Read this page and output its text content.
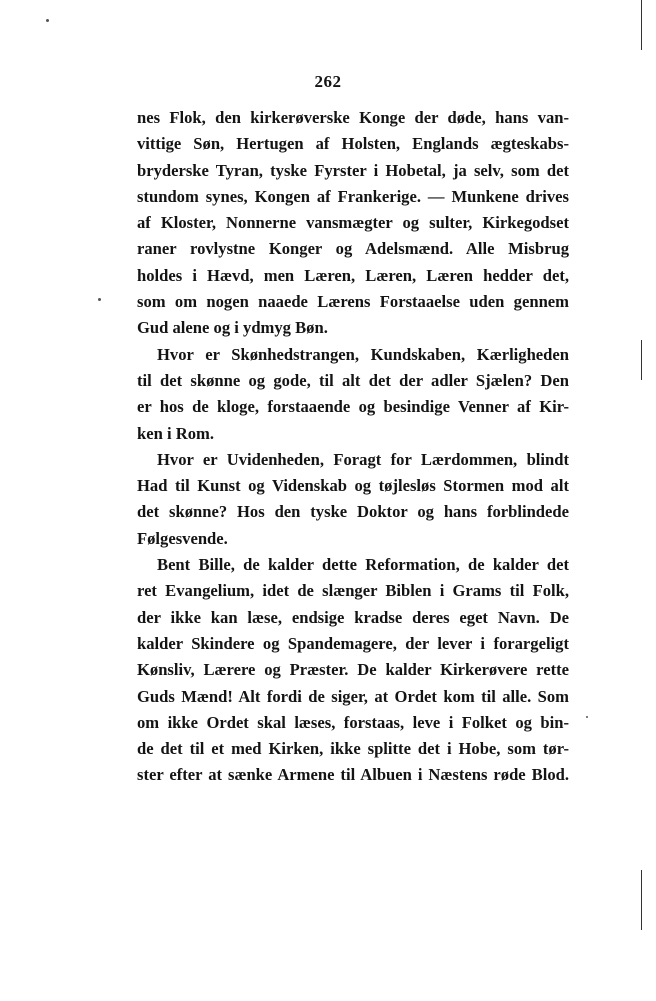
262
nes Flok, den kirkerøverske Konge der døde, hans van-
vittige Søn, Hertugen af Holsten, Englands ægteskabs-
bryderske Tyran, tyske Fyrster i Hobetal, ja selv, som det
stundom synes, Kongen af Frankerige. — Munkene drives
af Kloster, Nonnerne vansmægter og sulter, Kirkegodset
raner rovlystne Konger og Adelsmænd. Alle Misbrug
holdes i Hævd, men Læren, Læren, Læren hedder det,
som om nogen naaede Lærens Forstaaelse uden gennem
Gud alene og i ydmyg Bøn.
Hvor er Skønhedstrangen, Kundskaben, Kærligheden
til det skønne og gode, til alt det der adler Sjælen? Den
er hos de kloge, forstaaende og besindige Venner af Kir-
ken i Rom.
Hvor er Uvidenheden, Foragt for Lærdommen, blindt
Had til Kunst og Videnskab og tøjlesløs Stormen mod alt
det skønne? Hos den tyske Doktor og hans forblindede
Følgesvende.
Bent Bille, de kalder dette Reformation, de kalder det
ret Evangelium, idet de slænger Biblen i Grams til Folk,
der ikke kan læse, endsige kradse deres eget Navn. De
kalder Skindere og Spandemagere, der lever i forargeligt
Kønsliv, Lærere og Præster. De kalder Kirkerøvere rette
Guds Mænd! Alt fordi de siger, at Ordet kom til alle. Som
om ikke Ordet skal læses, forstaas, leve i Folket og bin-
de det til et med Kirken, ikke splitte det i Hobe, som tør-
ster efter at sænke Armene til Albuen i Næstens røde Blod.
